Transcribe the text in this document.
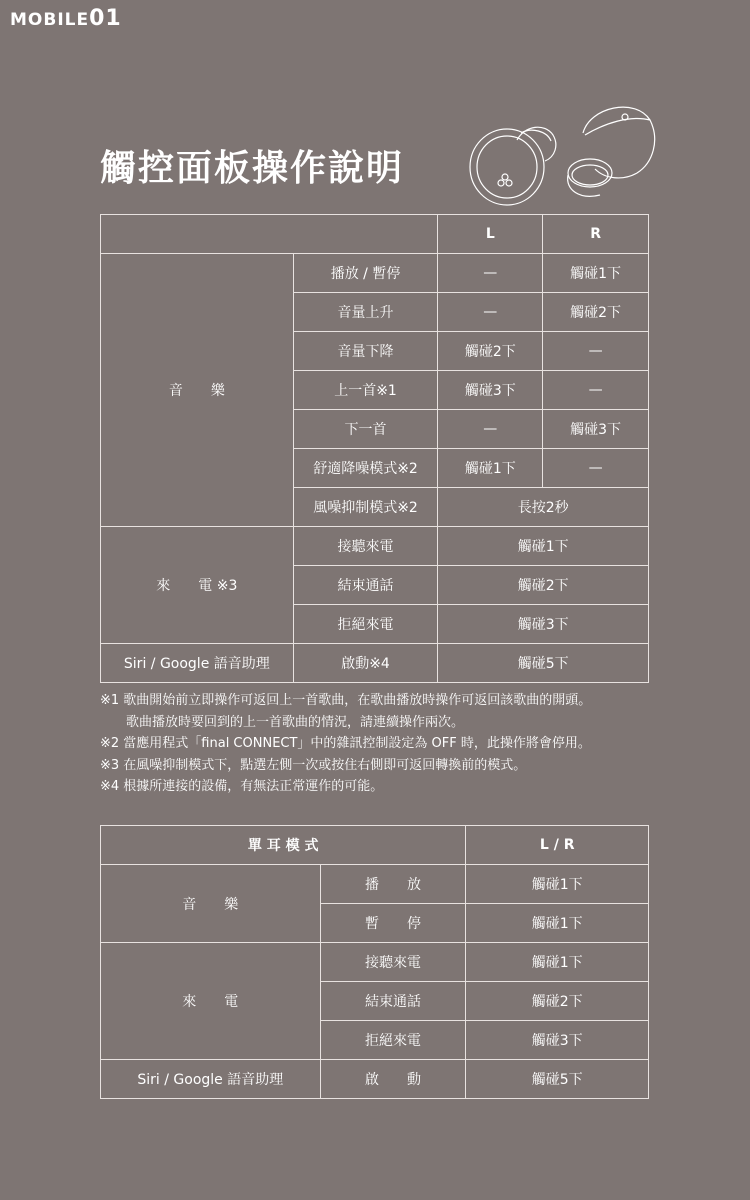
MOBILE01
觸控面板操作說明
		L	R
音　　樂	播放 / 暫停	—	觸碰1下
	音量上升	—	觸碰2下
	音量下降	觸碰2下	—
	上一首※1	觸碰3下	—
	下一首	—	觸碰3下
	舒適降噪模式※2	觸碰1下	—
	風噪抑制模式※2	長按2秒	
來　　電 ※3	接聽來電	觸碰1下	
	結束通話	觸碰2下	
	拒絕來電	觸碰3下	
Siri / Google 語音助理	啟動※4	觸碰5下	
※1 歌曲開始前立即操作可返回上一首歌曲，在歌曲播放時操作可返回該歌曲的開頭。
歌曲播放時要回到的上一首歌曲的情況，請連續操作兩次。
※2 當應用程式「final CONNECT」中的雜訊控制設定為 OFF 時，此操作將會停用。
※3 在風噪抑制模式下，點選左側一次或按住右側即可返回轉換前的模式。
※4 根據所連接的設備，有無法正常運作的可能。
單 耳 模 式		L / R
音　　樂	播　　放	觸碰1下
	暫　　停	觸碰1下
來　　電	接聽來電	觸碰1下
	結束通話	觸碰2下
	拒絕來電	觸碰3下
Siri / Google 語音助理	啟　　動	觸碰5下
